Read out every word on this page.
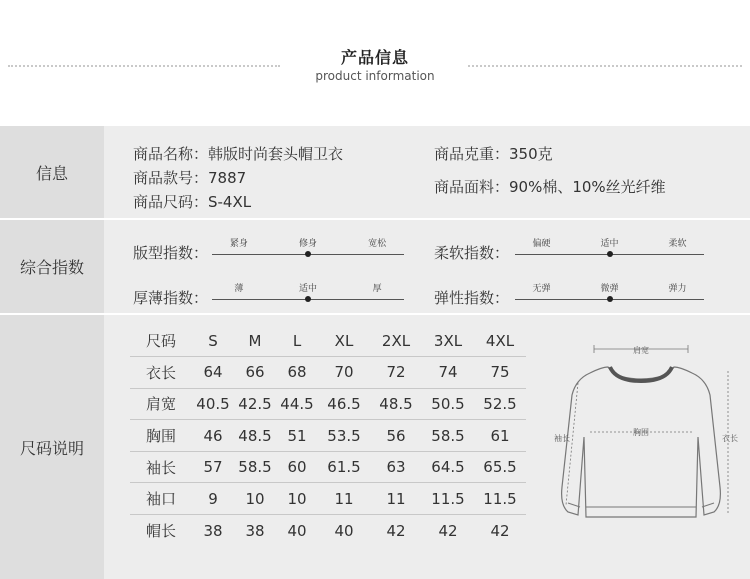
产品信息
product information
信息
商品名称：韩版时尚套头帽卫衣
商品款号：7887
商品尺码：S-4XL
商品克重：350克
商品面料：90%棉、10%丝光纤维
综合指数
版型指数： 紧身	修身	宽松	柔软指数：	偏硬	适中	柔软
厚薄指数：	薄	适中	厚	弹性指数：	无弹	微弹	弹力
尺码说明
尺码	S	M	L	XL	2XL	3XL	4XL
衣长	64	66	68	70	72	74	75
肩宽	40.5	42.5	44.5	46.5	48.5	50.5	52.5
胸围	46	48.5	51	53.5	56	58.5	61
袖长	57	58.5	60	61.5	63	64.5	65.5
袖口	9	10	10	11	11	11.5	11.5
帽长	38	38	40	40	42	42	42
肩宽
胸围
袖长	衣长
